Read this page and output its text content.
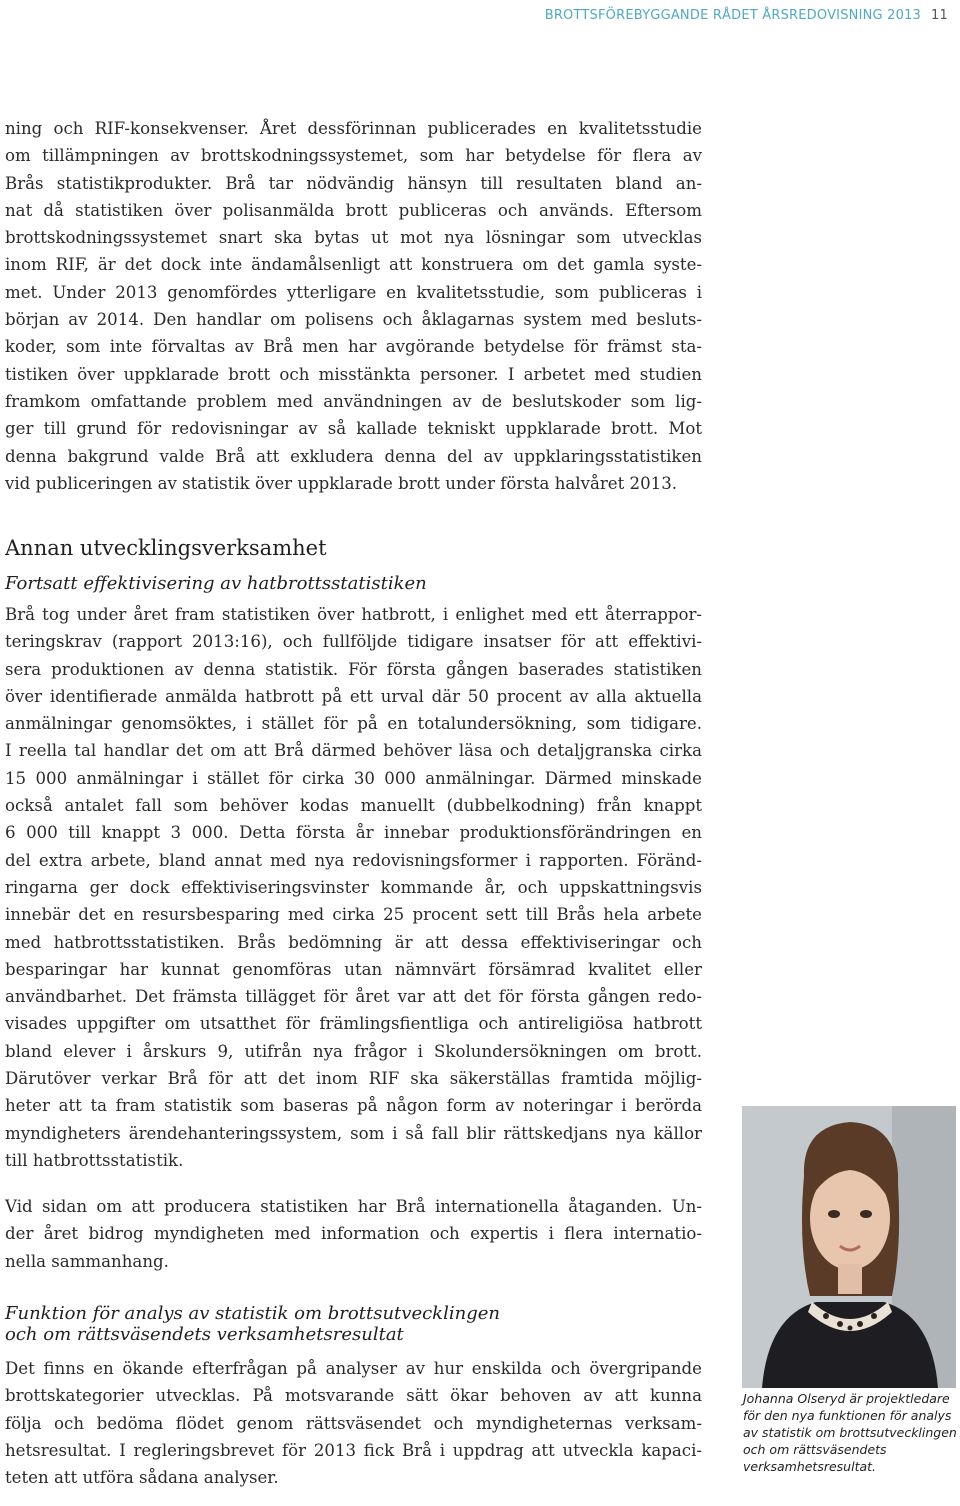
BROTTSFÖREBYGGANDE RÅDET ÅRSREDOVISNING 2013 11
ning och RIF-konsekvenser. Året dessförinnan publicerades en kvalitetsstudie
om tillämpningen av brottskodningssystemet, som har betydelse för flera av
Brås statistikprodukter. Brå tar nödvändig hänsyn till resultaten bland an-
nat då statistiken över polisanmälda brott publiceras och används. Eftersom
brottskodningssystemet snart ska bytas ut mot nya lösningar som utvecklas
inom RIF, är det dock inte ändamålsenligt att konstruera om det gamla syste-
met. Under 2013 genomfördes ytterligare en kvalitetsstudie, som publiceras i
början av 2014. Den handlar om polisens och åklagarnas system med besluts-
koder, som inte förvaltas av Brå men har avgörande betydelse för främst sta-
tistiken över uppklarade brott och misstänkta personer. I arbetet med studien
framkom omfattande problem med användningen av de beslutskoder som lig-
ger till grund för redovisningar av så kallade tekniskt uppklarade brott. Mot
denna bakgrund valde Brå att exkludera denna del av uppklaringsstatistiken
vid publiceringen av statistik över uppklarade brott under första halvåret 2013.
Annan utvecklingsverksamhet
Fortsatt effektivisering av hatbrottsstatistiken
Brå tog under året fram statistiken över hatbrott, i enlighet med ett återrappor-
teringskrav (rapport 2013:16), och fullföljde tidigare insatser för att effektivi-
sera produktionen av denna statistik. För första gången baserades statistiken
över identifierade anmälda hatbrott på ett urval där 50 procent av alla aktuella
anmälningar genomsöktes, i stället för på en totalundersökning, som tidigare.
I reella tal handlar det om att Brå därmed behöver läsa och detaljgranska cirka
15 000 anmälningar i stället för cirka 30 000 anmälningar. Därmed minskade
också antalet fall som behöver kodas manuellt (dubbelkodning) från knappt
6 000 till knappt 3 000. Detta första år innebar produktionsförändringen en
del extra arbete, bland annat med nya redovisningsformer i rapporten. Föränd-
ringarna ger dock effektiviseringsvinster kommande år, och uppskattningsvis
innebär det en resursbesparing med cirka 25 procent sett till Brås hela arbete
med hatbrottsstatistiken. Brås bedömning är att dessa effektiviseringar och
besparingar har kunnat genomföras utan nämnvärt försämrad kvalitet eller
användbarhet. Det främsta tillägget för året var att det för första gången redo-
visades uppgifter om utsatthet för främlingsfientliga och antireligiösa hatbrott
bland elever i årskurs 9, utifrån nya frågor i Skolundersökningen om brott.
Därutöver verkar Brå för att det inom RIF ska säkerställas framtida möjlig-
heter att ta fram statistik som baseras på någon form av noteringar i berörda
myndigheters ärendehanteringssystem, som i så fall blir rättskedjans nya källor
till hatbrottsstatistik.
Vid sidan om att producera statistiken har Brå internationella åtaganden. Un-
der året bidrog myndigheten med information och expertis i flera internatio-
nella sammanhang.
Funktion för analys av statistik om brottsutvecklingen
och om rättsväsendets verksamhetsresultat
Det finns en ökande efterfrågan på analyser av hur enskilda och övergripande
brottskategorier utvecklas. På motsvarande sätt ökar behoven av att kunna
följa och bedöma flödet genom rättsväsendet och myndigheternas verksam-
hetsresultat. I regleringsbrevet för 2013 fick Brå i uppdrag att utveckla kapaci-
teten att utföra sådana analyser.
Johanna Olseryd är projektledare för den nya funktionen för analys av statistik om brottsutvecklingen och om rättsväsendets verksamhetsresultat.
